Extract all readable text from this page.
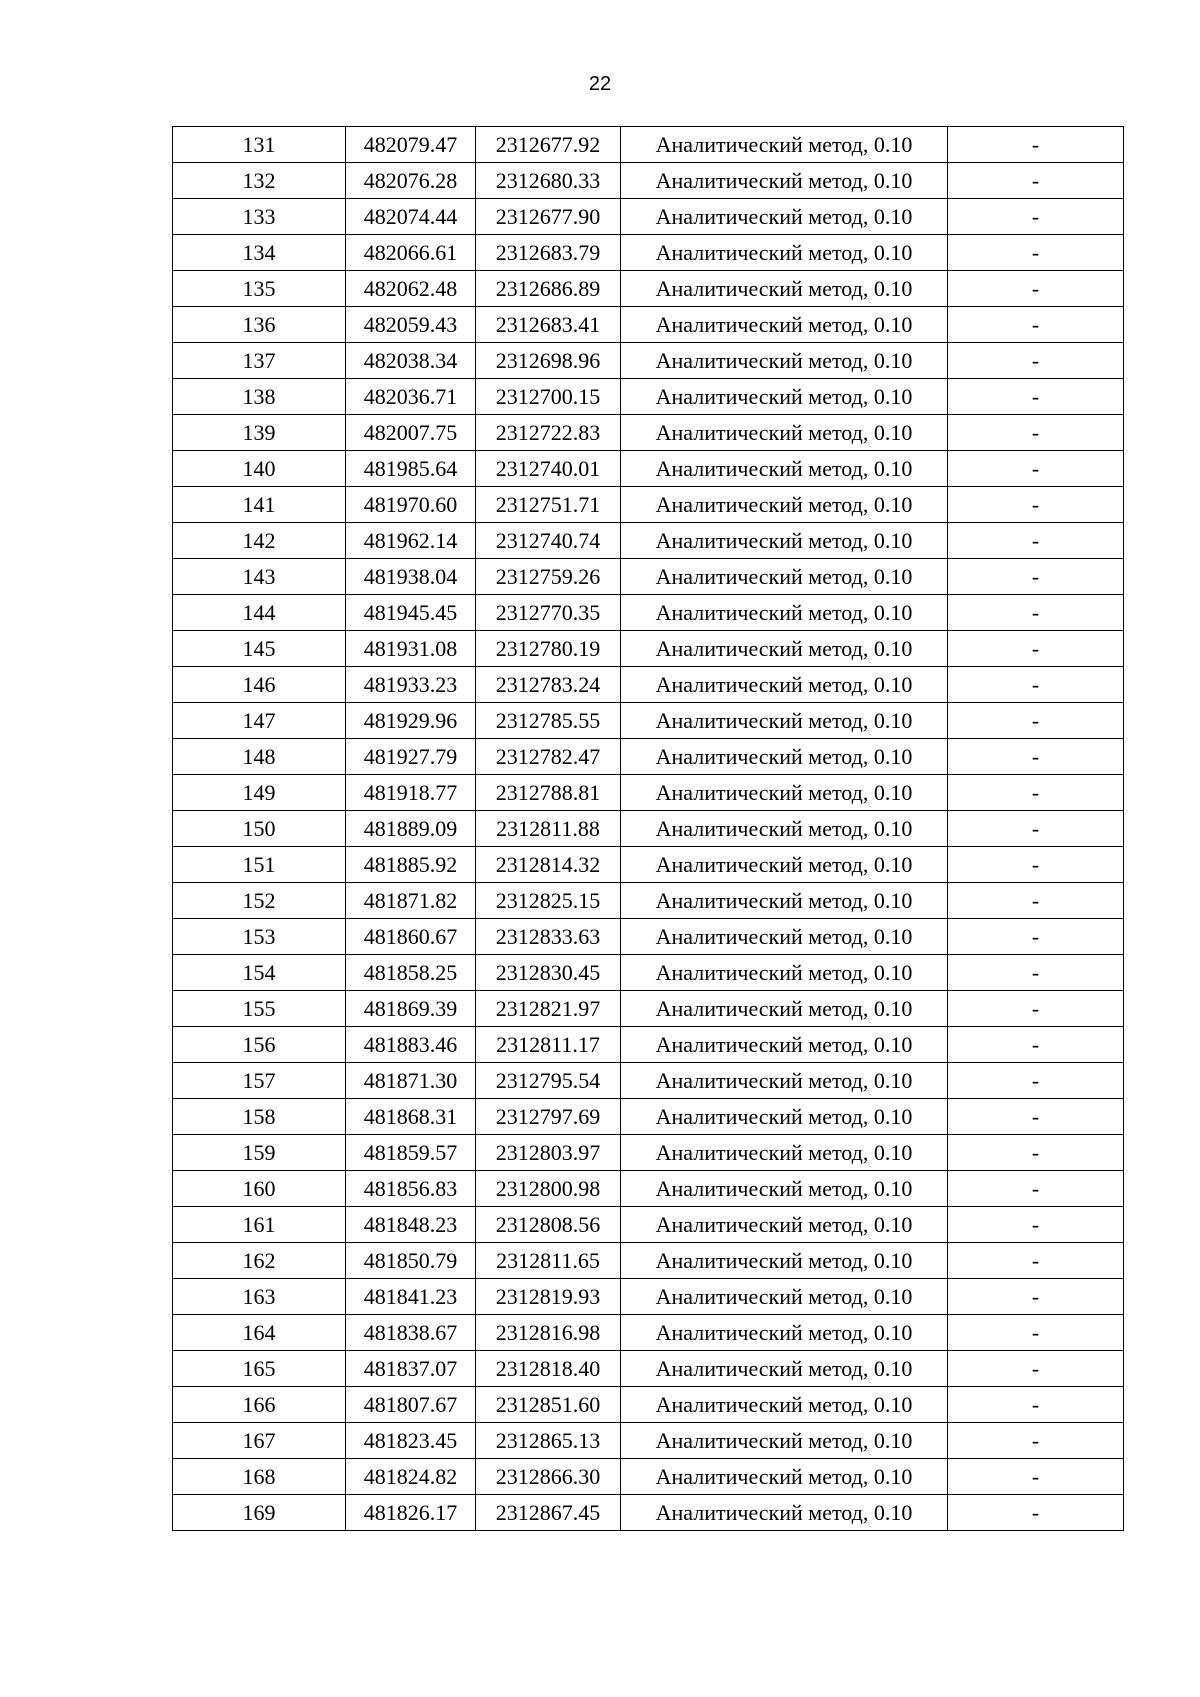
22
131	482079.47	2312677.92	Аналитический метод, 0.10	-
132	482076.28	2312680.33	Аналитический метод, 0.10	-
133	482074.44	2312677.90	Аналитический метод, 0.10	-
134	482066.61	2312683.79	Аналитический метод, 0.10	-
135	482062.48	2312686.89	Аналитический метод, 0.10	-
136	482059.43	2312683.41	Аналитический метод, 0.10	-
137	482038.34	2312698.96	Аналитический метод, 0.10	-
138	482036.71	2312700.15	Аналитический метод, 0.10	-
139	482007.75	2312722.83	Аналитический метод, 0.10	-
140	481985.64	2312740.01	Аналитический метод, 0.10	-
141	481970.60	2312751.71	Аналитический метод, 0.10	-
142	481962.14	2312740.74	Аналитический метод, 0.10	-
143	481938.04	2312759.26	Аналитический метод, 0.10	-
144	481945.45	2312770.35	Аналитический метод, 0.10	-
145	481931.08	2312780.19	Аналитический метод, 0.10	-
146	481933.23	2312783.24	Аналитический метод, 0.10	-
147	481929.96	2312785.55	Аналитический метод, 0.10	-
148	481927.79	2312782.47	Аналитический метод, 0.10	-
149	481918.77	2312788.81	Аналитический метод, 0.10	-
150	481889.09	2312811.88	Аналитический метод, 0.10	-
151	481885.92	2312814.32	Аналитический метод, 0.10	-
152	481871.82	2312825.15	Аналитический метод, 0.10	-
153	481860.67	2312833.63	Аналитический метод, 0.10	-
154	481858.25	2312830.45	Аналитический метод, 0.10	-
155	481869.39	2312821.97	Аналитический метод, 0.10	-
156	481883.46	2312811.17	Аналитический метод, 0.10	-
157	481871.30	2312795.54	Аналитический метод, 0.10	-
158	481868.31	2312797.69	Аналитический метод, 0.10	-
159	481859.57	2312803.97	Аналитический метод, 0.10	-
160	481856.83	2312800.98	Аналитический метод, 0.10	-
161	481848.23	2312808.56	Аналитический метод, 0.10	-
162	481850.79	2312811.65	Аналитический метод, 0.10	-
163	481841.23	2312819.93	Аналитический метод, 0.10	-
164	481838.67	2312816.98	Аналитический метод, 0.10	-
165	481837.07	2312818.40	Аналитический метод, 0.10	-
166	481807.67	2312851.60	Аналитический метод, 0.10	-
167	481823.45	2312865.13	Аналитический метод, 0.10	-
168	481824.82	2312866.30	Аналитический метод, 0.10	-
169	481826.17	2312867.45	Аналитический метод, 0.10	-
